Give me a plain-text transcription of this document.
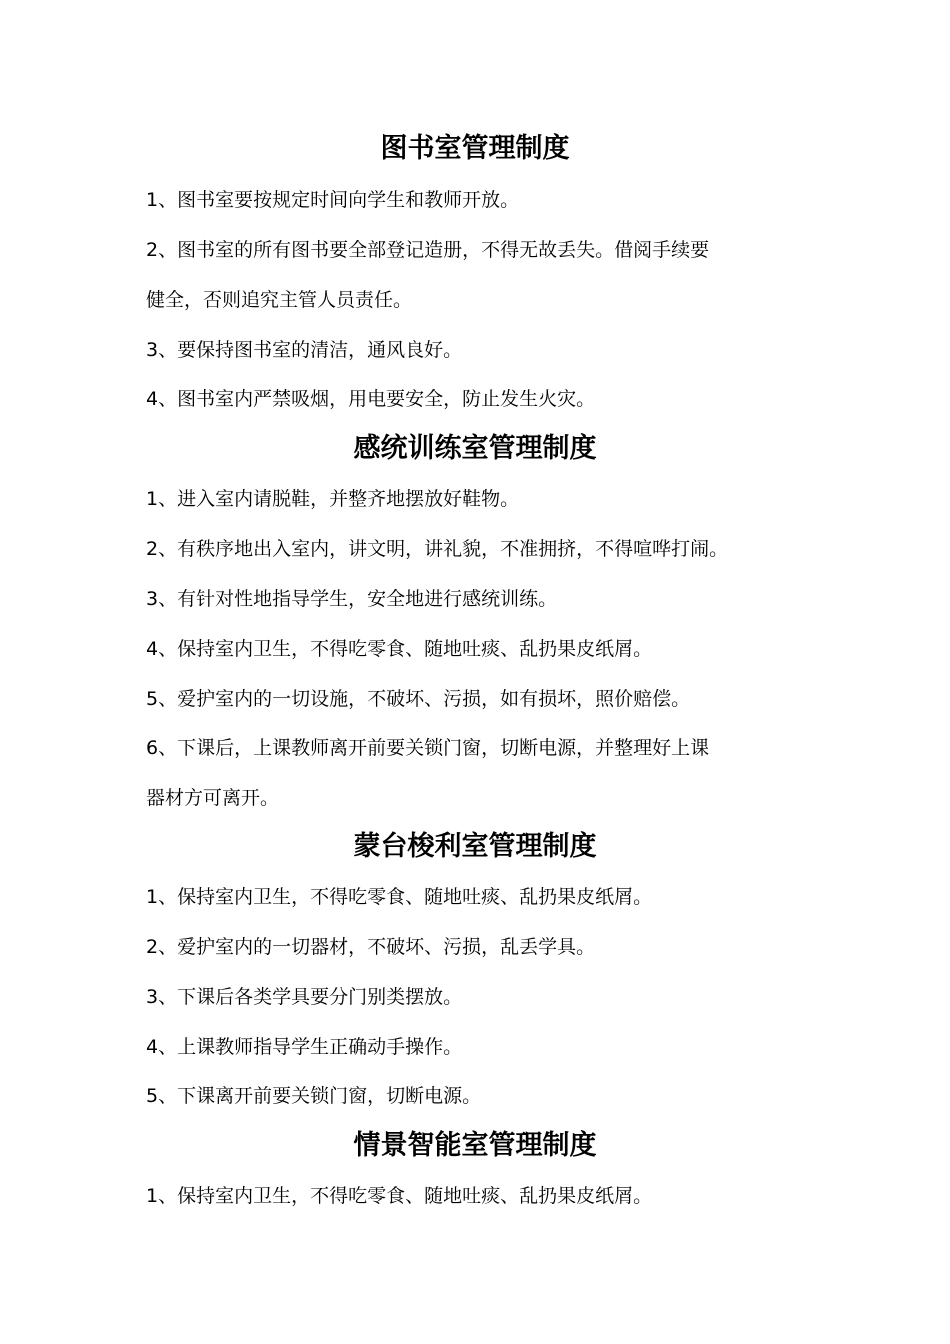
图书室管理制度
1、图书室要按规定时间向学生和教师开放。
2、图书室的所有图书要全部登记造册，不得无故丢失。借阅手续要
健全，否则追究主管人员责任。
3、要保持图书室的清洁，通风良好。
4、图书室内严禁吸烟，用电要安全，防止发生火灾。
感统训练室管理制度
1、进入室内请脱鞋，并整齐地摆放好鞋物。
2、有秩序地出入室内，讲文明，讲礼貌，不准拥挤，不得喧哗打闹。
3、有针对性地指导学生，安全地进行感统训练。
4、保持室内卫生，不得吃零食、随地吐痰、乱扔果皮纸屑。
5、爱护室内的一切设施，不破坏、污损，如有损坏，照价赔偿。
6、下课后，上课教师离开前要关锁门窗，切断电源，并整理好上课
器材方可离开。
蒙台梭利室管理制度
1、保持室内卫生，不得吃零食、随地吐痰、乱扔果皮纸屑。
2、爱护室内的一切器材，不破坏、污损，乱丢学具。
3、下课后各类学具要分门别类摆放。
4、上课教师指导学生正确动手操作。
5、下课离开前要关锁门窗，切断电源。
情景智能室管理制度
1、保持室内卫生，不得吃零食、随地吐痰、乱扔果皮纸屑。
